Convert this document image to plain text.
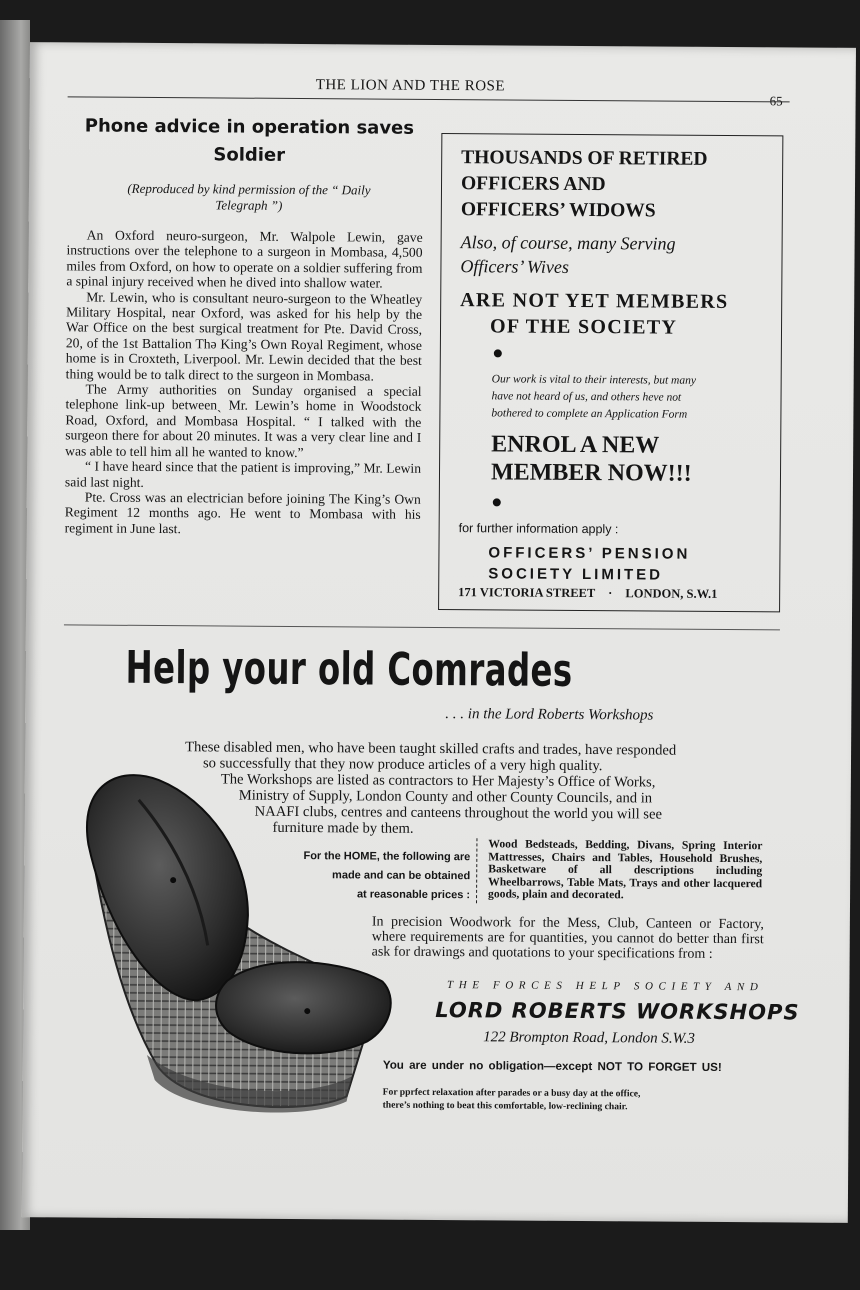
THE LION AND THE ROSE
65
Phone advice in operation saves
Soldier
(Reproduced by kind permission of the “ Daily
Telegraph ”)

An Oxford neuro-surgeon, Mr. Walpole Lewin, gave instructions over the telephone to a surgeon in Mombasa, 4,500 miles from Oxford, on how to operate on a soldier suffering from a spinal injury received when he dived into shallow water.

Mr. Lewin, who is consultant neuro-surgeon to the Wheatley Military Hospital, near Oxford, was asked for his help by the War Office on the best surgical treatment for Pte. David Cross, 20, of the 1st Battalion Thə King’s Own Royal Regiment, whose home is in Croxteth, Liverpool. Mr. Lewin decided that the best thing would be to talk direct to the surgeon in Mombasa.

The Army authorities on Sunday organised a special telephone link-up betweenˎ Mr. Lewin’s home in Woodstock Road, Oxford, and Mombasa Hospital. “ I talked with the surgeon there for about 20 minutes. It was a very clear line and I was able to tell him all he wanted to know.”

“ I have heard since that the patient is improving,” Mr. Lewin said last night.

Pte. Cross was an electrician before joining The King’s Own Regiment 12 months ago. He went to Mombasa with his regiment in June last.

THOUSANDS OF RETIRED
OFFICERS AND
OFFICERS’ WIDOWS
Also, of course, many Serving
Officers’ Wives
ARE NOT YET MEMBERS
OF THE SOCIETY
Our work is vital to their interests, but many
have not heard of us, and others heve not
bothered to complete an Application Form
ENROL A NEW
MEMBER NOW!!!
for further information apply :
OFFICERS’ PENSION
SOCIETY LIMITED
171 VICTORIA STREET · LONDON, S.W.1
Help your old Comrades
. . . in the Lord Roberts Workshops
These disabled men, who have been taught skilled crafts and trades, have responded
so successfully that they now produce articles of a very high quality.
The Workshops are listed as contractors to Her Majesty’s Office of Works,
Ministry of Supply, London County and other County Councils, and in
NAAFI clubs, centres and canteens throughout the world you will see
furniture made by them.
For the HOME, the following are
made and can be obtained
at reasonable prices :
Wood Bedsteads, Bedding, Divans, Spring Interior Mattresses, Chairs and Tables, Household Brushes, Basketware of all descriptions including Wheelbarrows, Table Mats, Trays and other lacquered goods, plain and decorated.
In precision Woodwork for the Mess, Club, Canteen or Factory, where requirements are for quantities, you cannot do better than first ask for drawings and quotations to your specifications from :
THE FORCES HELP SOCIETY AND
LORD ROBERTS WORKSHOPS
122 Brompton Road, London S.W.3
You are under no obligation—except NOT TO FORGET US!
For pprfect relaxation after parades or a busy day at the office,
there’s nothing to beat this comfortable, low-reclining chair.
